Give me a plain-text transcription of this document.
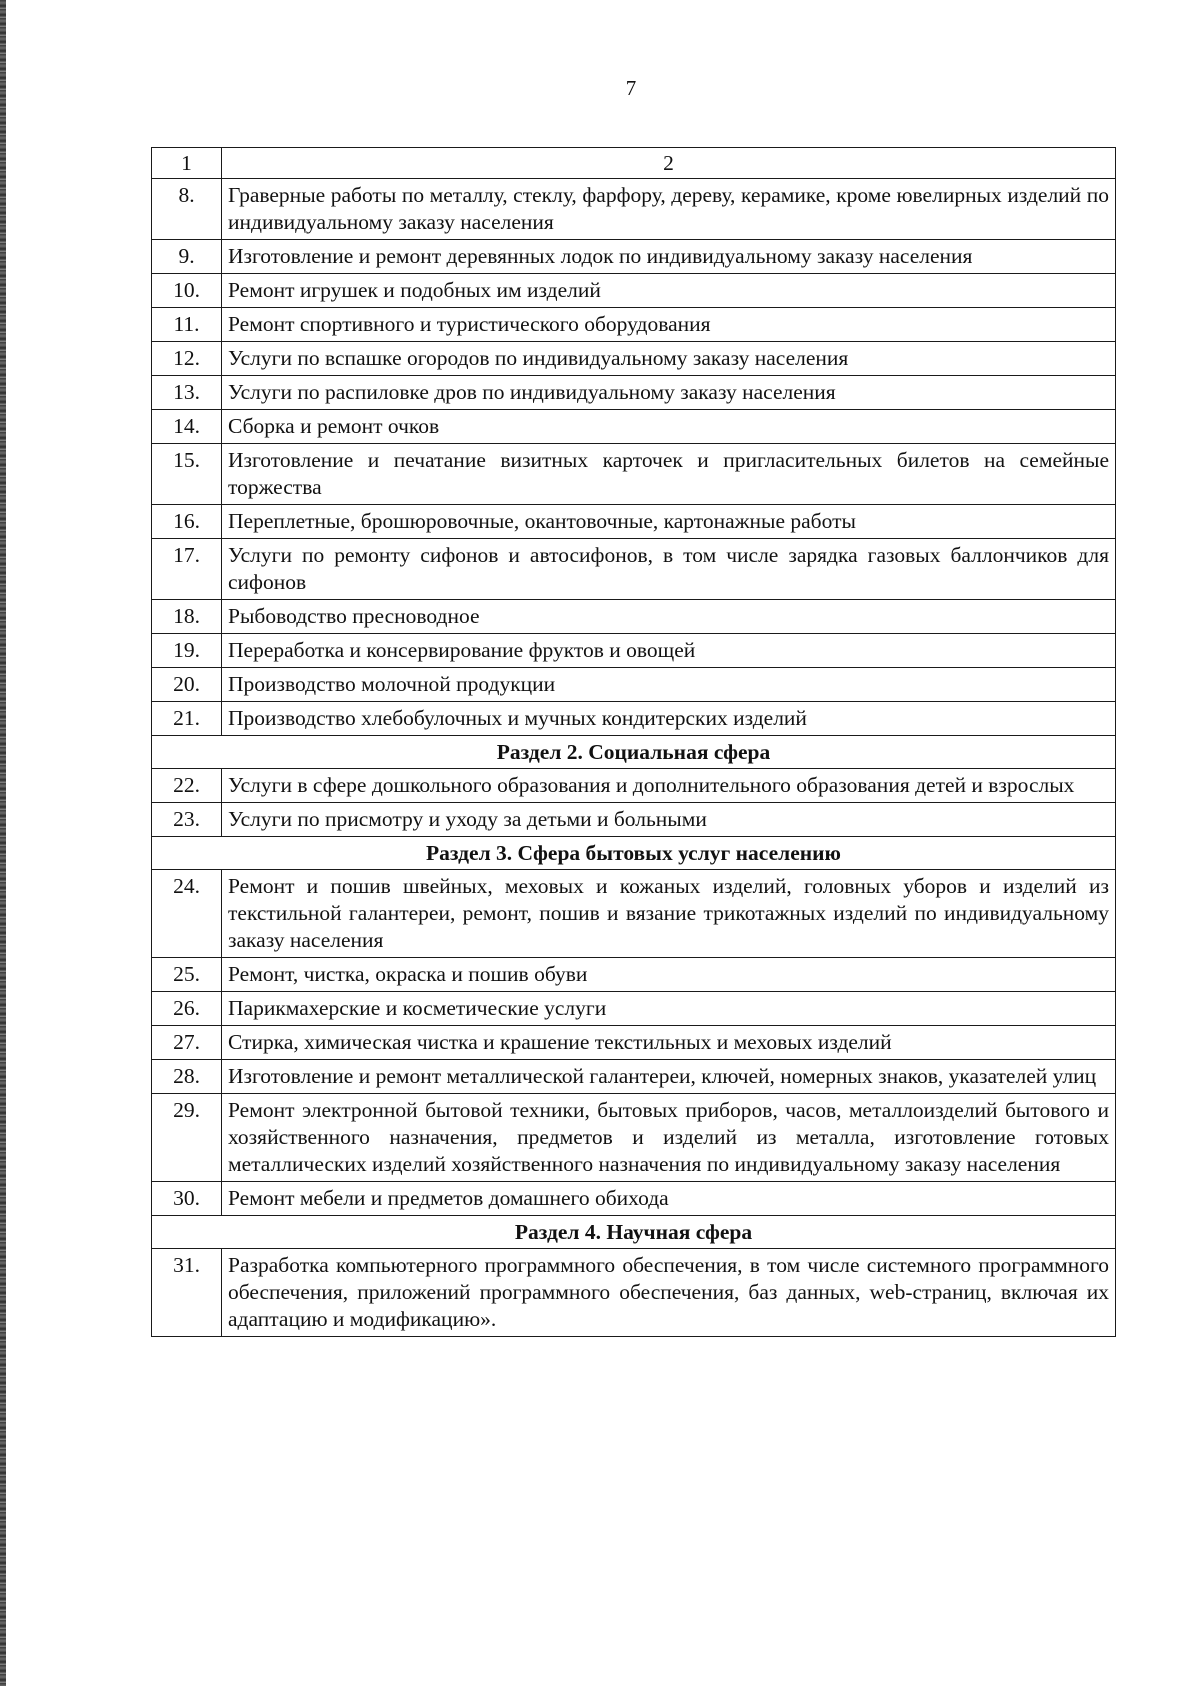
7
1	2
8.	Граверные работы по металлу, стеклу, фарфору, дереву, керамике, кроме ювелирных изделий по индивидуальному заказу населения
9.	Изготовление и ремонт деревянных лодок по индивидуальному заказу населения
10.	Ремонт игрушек и подобных им изделий
11.	Ремонт спортивного и туристического оборудования
12.	Услуги по вспашке огородов по индивидуальному заказу населения
13.	Услуги по распиловке дров по индивидуальному заказу населения
14.	Сборка и ремонт очков
15.	Изготовление и печатание визитных карточек и пригласительных билетов на семейные торжества
16.	Переплетные, брошюровочные, окантовочные, картонажные работы
17.	Услуги по ремонту сифонов и автосифонов, в том числе зарядка газовых баллончиков для сифонов
18.	Рыбоводство пресноводное
19.	Переработка и консервирование фруктов и овощей
20.	Производство молочной продукции
21.	Производство хлебобулочных и мучных кондитерских изделий
Раздел 2. Социальная сфера	
22.	Услуги в сфере дошкольного образования и дополнительного образования детей и взрослых
23.	Услуги по присмотру и уходу за детьми и больными
Раздел 3. Сфера бытовых услуг населению	
24.	Ремонт и пошив швейных, меховых и кожаных изделий, головных уборов и изделий из текстильной галантереи, ремонт, пошив и вязание трикотажных изделий по индивидуальному заказу населения
25.	Ремонт, чистка, окраска и пошив обуви
26.	Парикмахерские и косметические услуги
27.	Стирка, химическая чистка и крашение текстильных и меховых изделий
28.	Изготовление и ремонт металлической галантереи, ключей, номерных знаков, указателей улиц
29.	Ремонт электронной бытовой техники, бытовых приборов, часов, металлоизделий бытового и хозяйственного назначения, предметов и изделий из металла, изготовление готовых металлических изделий хозяйственного назначения по индивидуальному заказу населения
30.	Ремонт мебели и предметов домашнего обихода
Раздел 4. Научная сфера	
31.	Разработка компьютерного программного обеспечения, в том числе системного программного обеспечения, приложений программного обеспечения, баз данных, web-страниц, включая их адаптацию и модификацию».
